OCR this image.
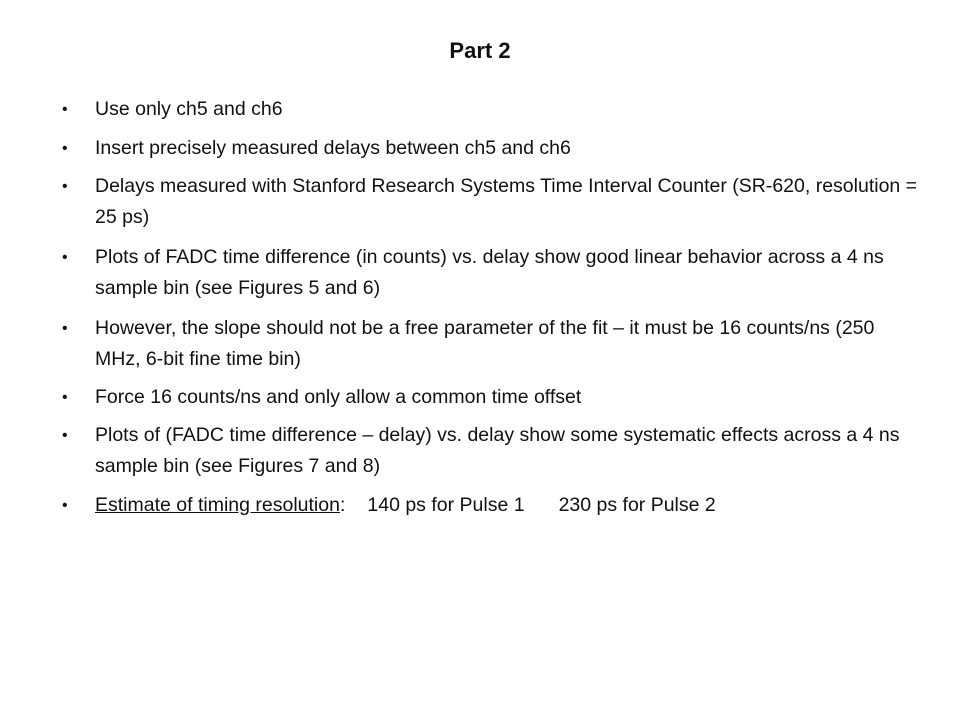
Part 2
• Use only ch5 and ch6
• Insert precisely measured delays between ch5 and ch6
• Delays measured with Stanford Research Systems Time Interval Counter (SR-620, resolution = 25 ps)
• Plots of FADC time difference (in counts) vs. delay show good linear behavior across a 4 ns sample bin (see Figures 5 and 6)
• However, the slope should not be a free parameter of the fit – it must be 16 counts/ns (250 MHz, 6-bit fine time bin)
• Force 16 counts/ns and only allow a common time offset
• Plots of (FADC time difference – delay) vs. delay show some systematic effects across a 4 ns sample bin (see Figures 7 and 8)
• Estimate of timing resolution: 140 ps for Pulse 1 230 ps for Pulse 2
